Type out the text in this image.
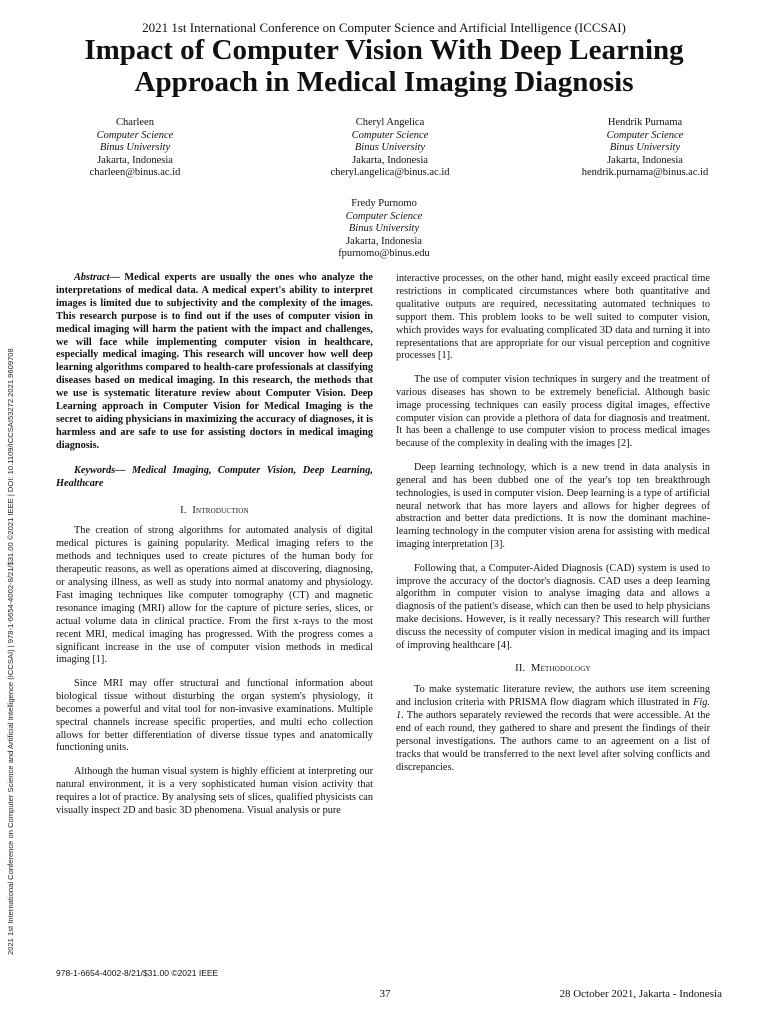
2021 1st International Conference on Computer Science and Artificial Intelligence (ICCSAI)
Impact of Computer Vision With Deep Learning
Approach in Medical Imaging Diagnosis
Charleen
Computer Science
Binus University
Jakarta, Indonesia
charleen@binus.ac.id
Cheryl Angelica
Computer Science
Binus University
Jakarta, Indonesia
cheryl.angelica@binus.ac.id
Hendrik Purnama
Computer Science
Binus University
Jakarta, Indonesia
hendrik.purnama@binus.ac.id
Fredy Purnomo
Computer Science
Binus University
Jakarta, Indonesia
fpurnomo@binus.edu
2021 1st International Conference on Computer Science and Artificial Intelligence (ICCSAI) | 978-1-6654-4002-8/21/$31.00 ©2021 IEEE | DOI: 10.1109/ICCSAI53272.2021.9609708

Abstract— Medical experts are usually the ones who analyze the interpretations of medical data. A medical expert's ability to interpret images is limited due to subjectivity and the complexity of the images. This research purpose is to find out if the uses of computer vision in medical imaging will harm the patient with the impact and challenges, we will face while implementing computer vision in healthcare, especially medical imaging. This research will uncover how well deep learning algorithms compared to health-care professionals at classifying diseases based on medical imaging. In this research, the methods that we use is systematic literature review about Computer Vision. Deep Learning approach in Computer Vision for Medical Imaging is the secret to aiding physicians in maximizing the accuracy of diagnoses, it is harmless and are safe to use for assisting doctors in medical imaging diagnosis.

Keywords— Medical Imaging, Computer Vision, Deep Learning, Healthcare

I. Introduction

The creation of strong algorithms for automated analysis of digital medical pictures is gaining popularity. Medical imaging refers to the methods and techniques used to create pictures of the human body for therapeutic reasons, as well as operations aimed at discovering, diagnosing, or analysing illness, as well as study into normal anatomy and physiology. Fast imaging techniques like computer tomography (CT) and magnetic resonance imaging (MRI) allow for the capture of picture series, slices, or actual volume data in clinical practice. From the first x-rays to the most recent MRI, medical imaging has progressed. With the progress comes a significant increase in the use of computer vision methods in medical imaging [1].

Since MRI may offer structural and functional information about biological tissue without disturbing the organ system's physiology, it becomes a powerful and vital tool for non-invasive examinations. Multiple spectral channels increase specific properties, and multi echo collection allows for better differentiation of diverse tissue types and anatomically functioning units.

Although the human visual system is highly efficient at interpreting our natural environment, it is a very sophisticated human vision activity that requires a lot of practice. By analysing sets of slices, qualified physicists can visually inspect 2D and basic 3D phenomena. Visual analysis or pure

interactive processes, on the other hand, might easily exceed practical time restrictions in complicated circumstances where both quantitative and qualitative outputs are required, necessitating automated techniques to support them. This problem looks to be well suited to computer vision, which provides ways for evaluating complicated 3D data and turning it into representations that are appropriate for our visual perception and cognitive processes [1].

The use of computer vision techniques in surgery and the treatment of various diseases has shown to be extremely beneficial. Although basic image processing techniques can easily process digital images, effective computer vision can provide a plethora of data for diagnosis and treatment. It has been a challenge to use computer vision to process medical images because of the complexity in dealing with the images [2].

Deep learning technology, which is a new trend in data analysis in general and has been dubbed one of the year's top ten breakthrough technologies, is used in computer vision. Deep learning is a type of artificial neural network that has more layers and allows for higher degrees of abstraction and better data predictions. It is now the dominant machine-learning technology in the computer vision arena for assisting with medical imaging interpretation [3].

Following that, a Computer-Aided Diagnosis (CAD) system is used to improve the accuracy of the doctor's diagnosis. CAD uses a deep learning algorithm in computer vision to analyse imaging data and allows a diagnosis of the patient's disease, which can then be used to help physicians make decisions. However, is it really necessary? This research will further discuss the necessity of computer vision in medical imaging and its impact of improving healthcare [4].

II. Methodology

To make systematic literature review, the authors use item screening and inclusion criteria with PRISMA flow diagram which illustrated in Fig. 1. The authors separately reviewed the records that were accessible. At the end of each round, they gathered to share and present the findings of their personal investigations. The authors came to an agreement on a list of tracks that would be transferred to the next level after solving conflicts and discrepancies.

978-1-6654-4002-8/21/$31.00 ©2021 IEEE
37	28 October 2021, Jakarta - Indonesia
